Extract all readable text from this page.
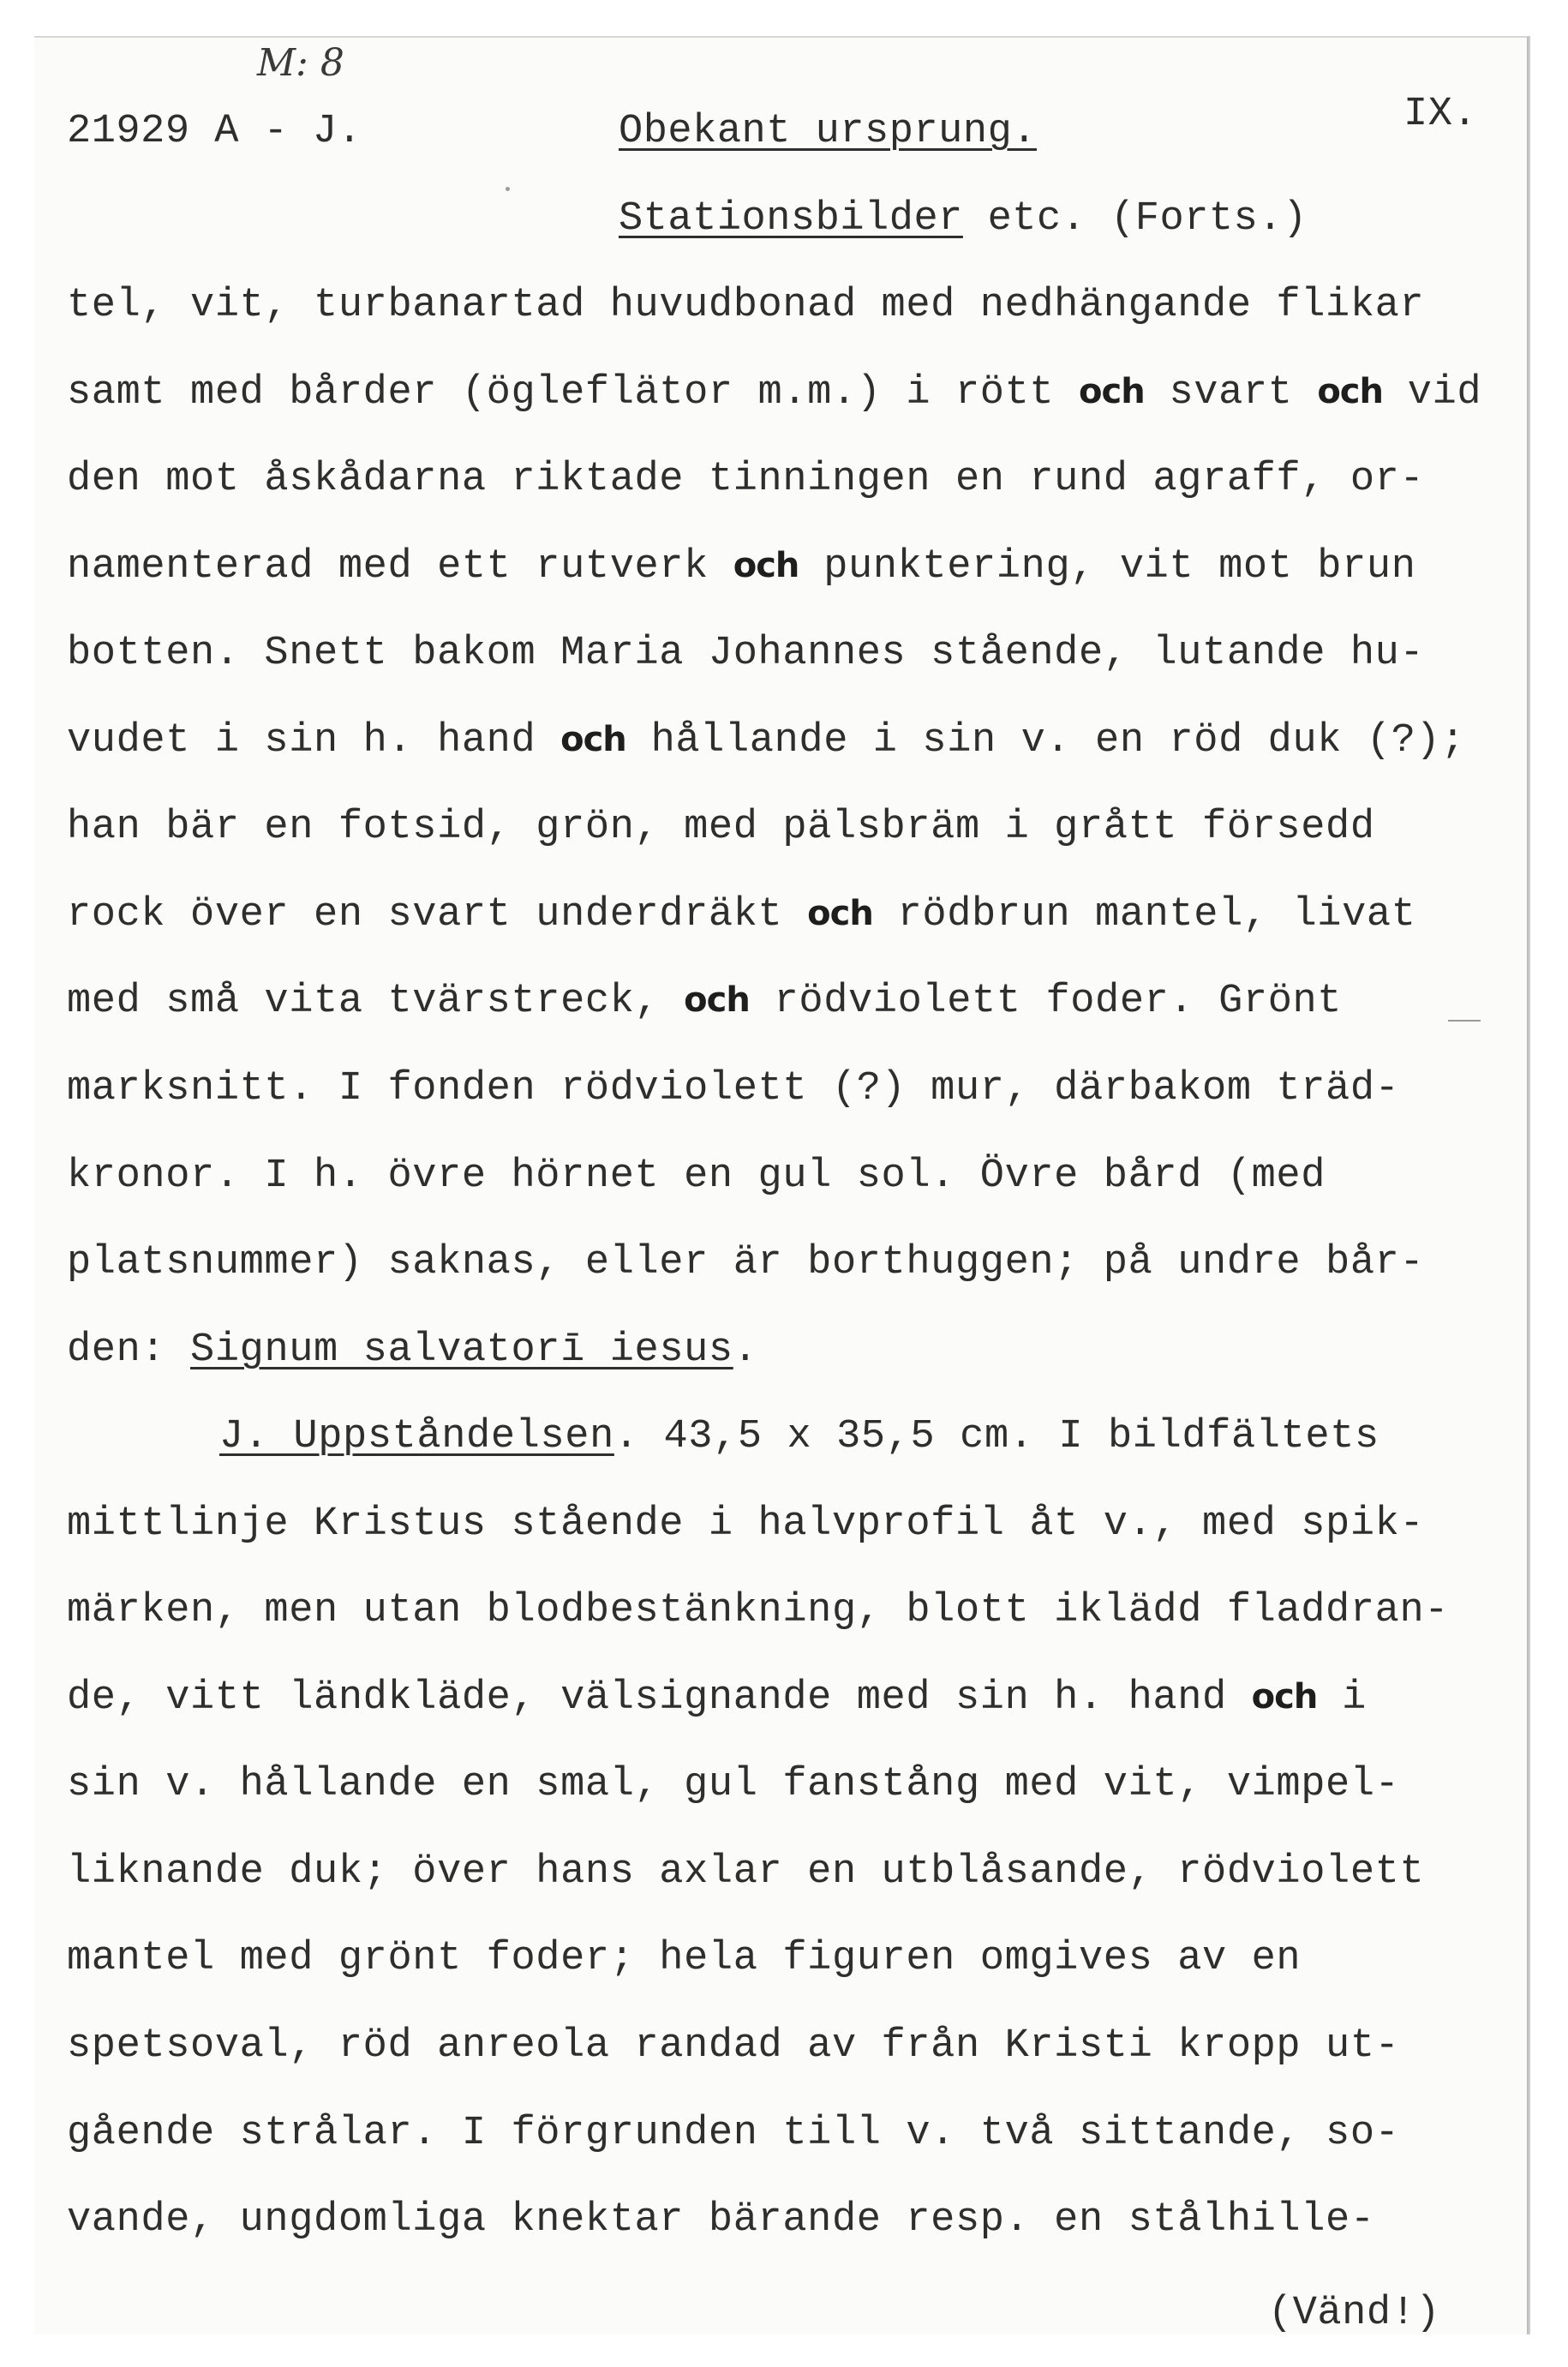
M: 8
21929 A - J.	Obekant ursprung.	IX.
Stationsbilder etc. (Forts.)
tel, vit, turbanartad huvudbonad med nedhängande flikar
samt med bårder (ögleflätor m.m.) i rött och svart och vid
den mot åskådarna riktade tinningen en rund agraff, or-
namenterad med ett rutverk och punktering, vit mot brun
botten. Snett bakom Maria Johannes stående, lutande hu-
vudet i sin h. hand och hållande i sin v. en röd duk (?);
han bär en fotsid, grön, med pälsbräm i grått försedd
rock över en svart underdräkt och rödbrun mantel, livat
med små vita tvärstreck, och rödviolett foder. Grönt
marksnitt. I fonden rödviolett (?) mur, därbakom träd-
kronor. I h. övre hörnet en gul sol. Övre bård (med
platsnummer) saknas, eller är borthuggen; på undre bår-
den: Signum salvatorī iesus.
J. Uppståndelsen. 43,5 x 35,5 cm. I bildfältets
mittlinje Kristus stående i halvprofil åt v., med spik-
märken, men utan blodbestänkning, blott iklädd fladdran-
de, vitt ländkläde, välsignande med sin h. hand och i
sin v. hållande en smal, gul fanstång med vit, vimpel-
liknande duk; över hans axlar en utblåsande, rödviolett
mantel med grönt foder; hela figuren omgives av en
spetsoval, röd anreola randad av från Kristi kropp ut-
gående strålar. I förgrunden till v. två sittande, so-
vande, ungdomliga knektar bärande resp. en stålhille-
(Vänd!)
